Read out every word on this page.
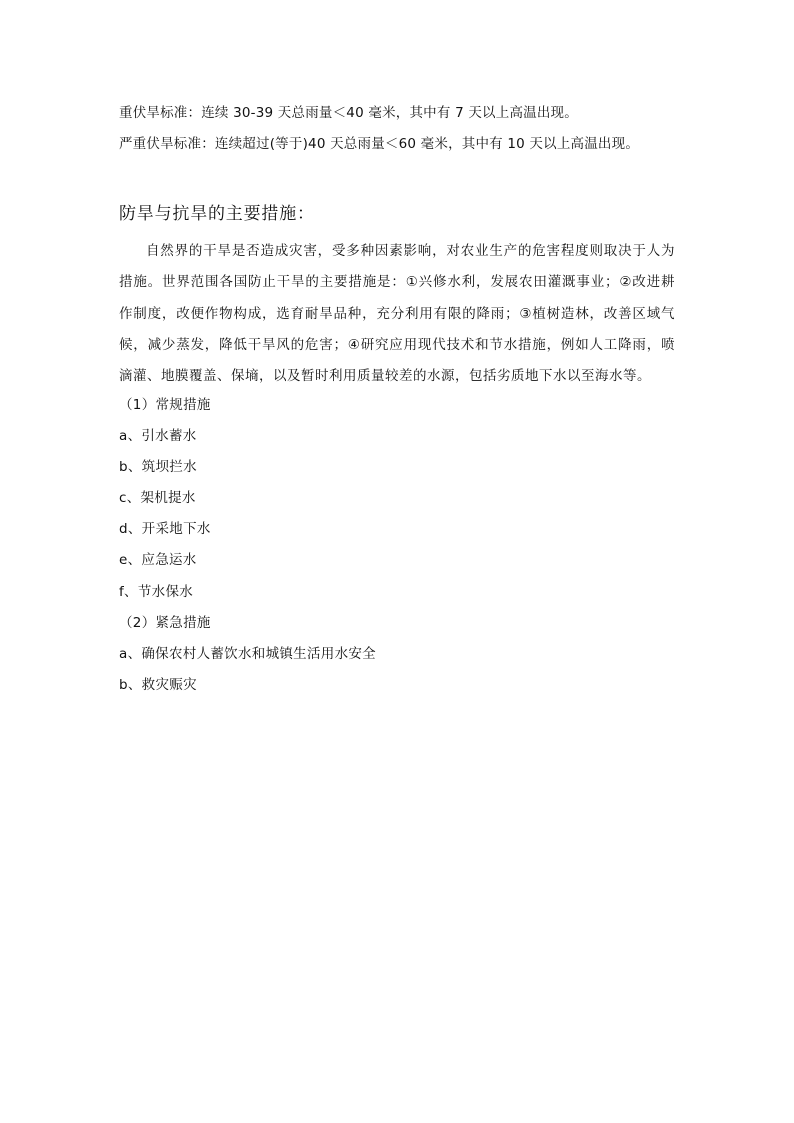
重伏旱标准：连续 30-39 天总雨量＜40 毫米，其中有 7 天以上高温出现。
严重伏旱标准：连续超过(等于)40 天总雨量＜60 毫米，其中有 10 天以上高温出现。
防旱与抗旱的主要措施：

自然界的干旱是否造成灾害，受多种因素影响，对农业生产的危害程度则取决于人为措施。世界范围各国防止干旱的主要措施是：①兴修水利，发展农田灌溉事业；②改进耕作制度，改便作物构成，选育耐旱品种，充分利用有限的降雨；③植树造林，改善区域气候，减少蒸发，降低干旱风的危害；④研究应用现代技术和节水措施，例如人工降雨，喷滴灌、地膜覆盖、保墒，以及暂时利用质量较差的水源，包括劣质地下水以至海水等。

（1）常规措施
a、引水蓄水
b、筑坝拦水
c、架机提水
d、开采地下水
e、应急运水
f、节水保水
（2）紧急措施
a、确保农村人蓄饮水和城镇生活用水安全
b、救灾赈灾
